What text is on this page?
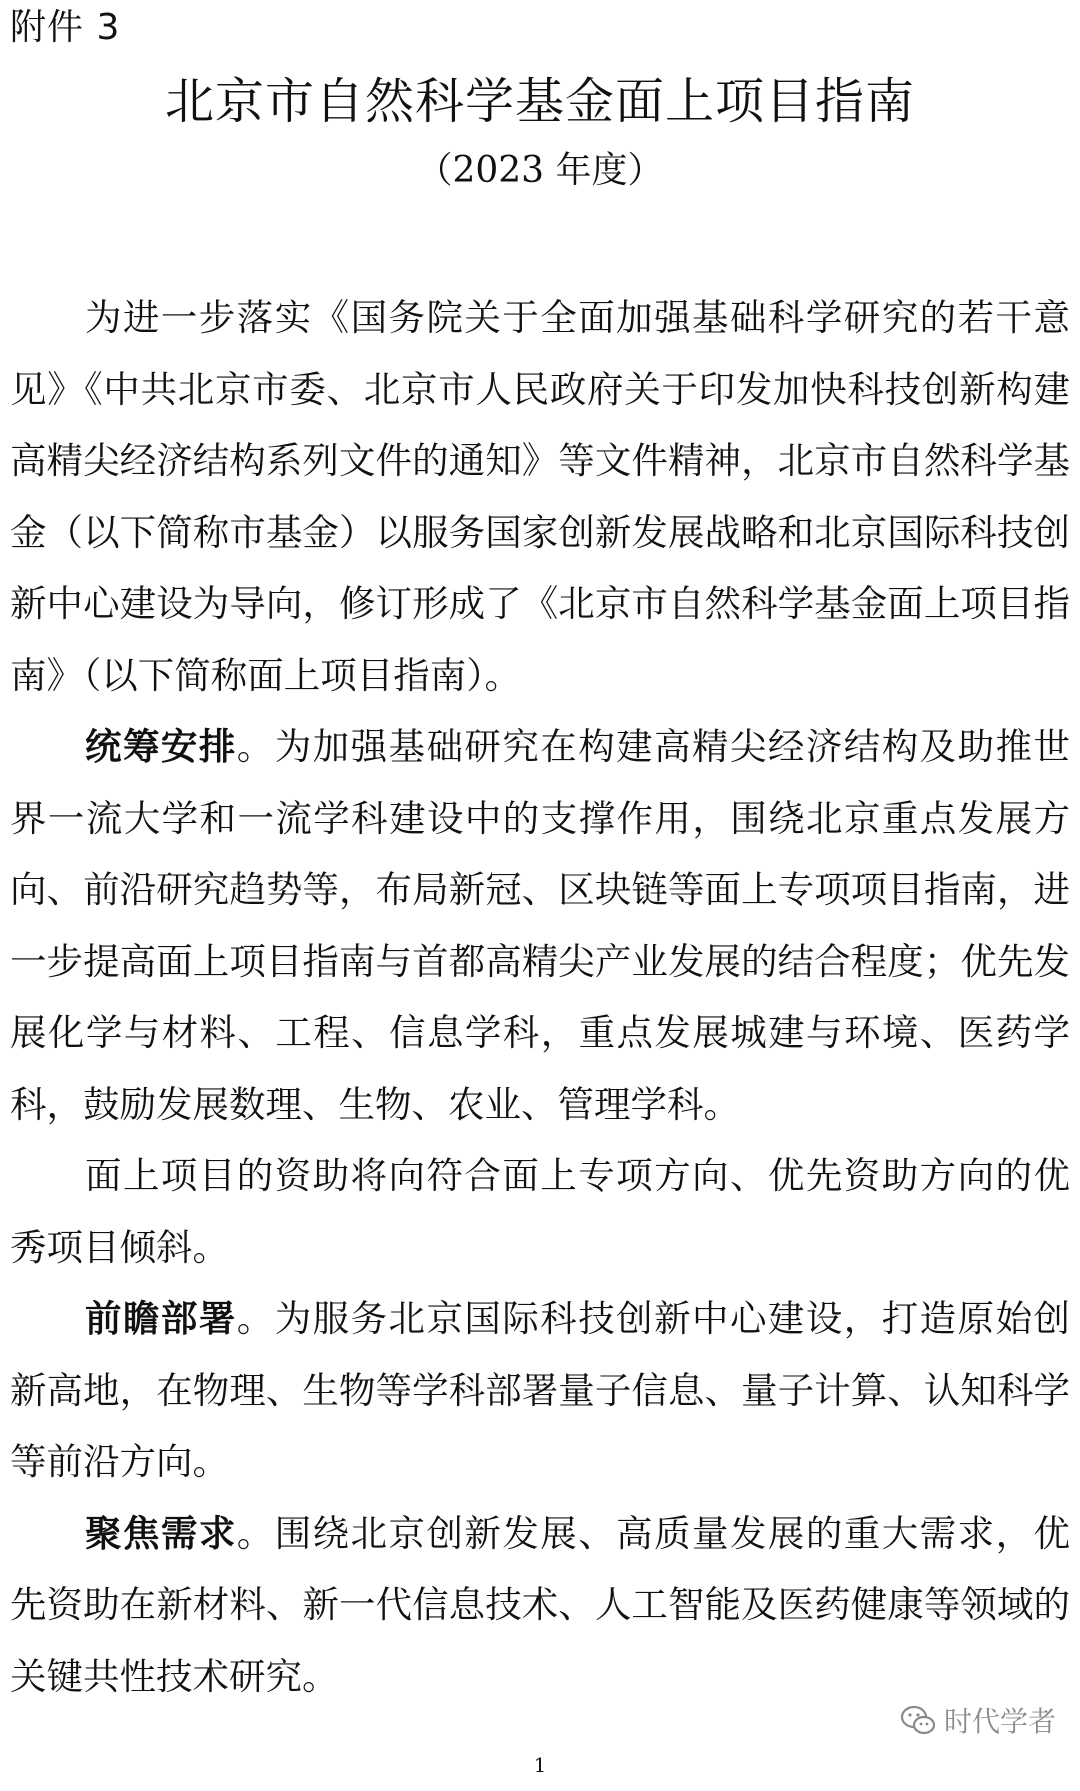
附件 3
北京市自然科学基金面上项目指南
（2023 年度）

为进一步落实《国务院关于全面加强基础科学研究的若干意见》《中共北京市委、北京市人民政府关于印发加快科技创新构建高精尖经济结构系列文件的通知》等文件精神，北京市自然科学基金（以下简称市基金）以服务国家创新发展战略和北京国际科技创新中心建设为导向，修订形成了《北京市自然科学基金面上项目指南》（以下简称面上项目指南）。

统筹安排。为加强基础研究在构建高精尖经济结构及助推世界一流大学和一流学科建设中的支撑作用，围绕北京重点发展方向、前沿研究趋势等，布局新冠、区块链等面上专项项目指南，进一步提高面上项目指南与首都高精尖产业发展的结合程度；优先发展化学与材料、工程、信息学科，重点发展城建与环境、医药学科，鼓励发展数理、生物、农业、管理学科。

面上项目的资助将向符合面上专项方向、优先资助方向的优秀项目倾斜。

前瞻部署。为服务北京国际科技创新中心建设，打造原始创新高地，在物理、生物等学科部署量子信息、量子计算、认知科学等前沿方向。

聚焦需求。围绕北京创新发展、高质量发展的重大需求，优先资助在新材料、新一代信息技术、人工智能及医药健康等领域的关键共性技术研究。

时代学者
1
